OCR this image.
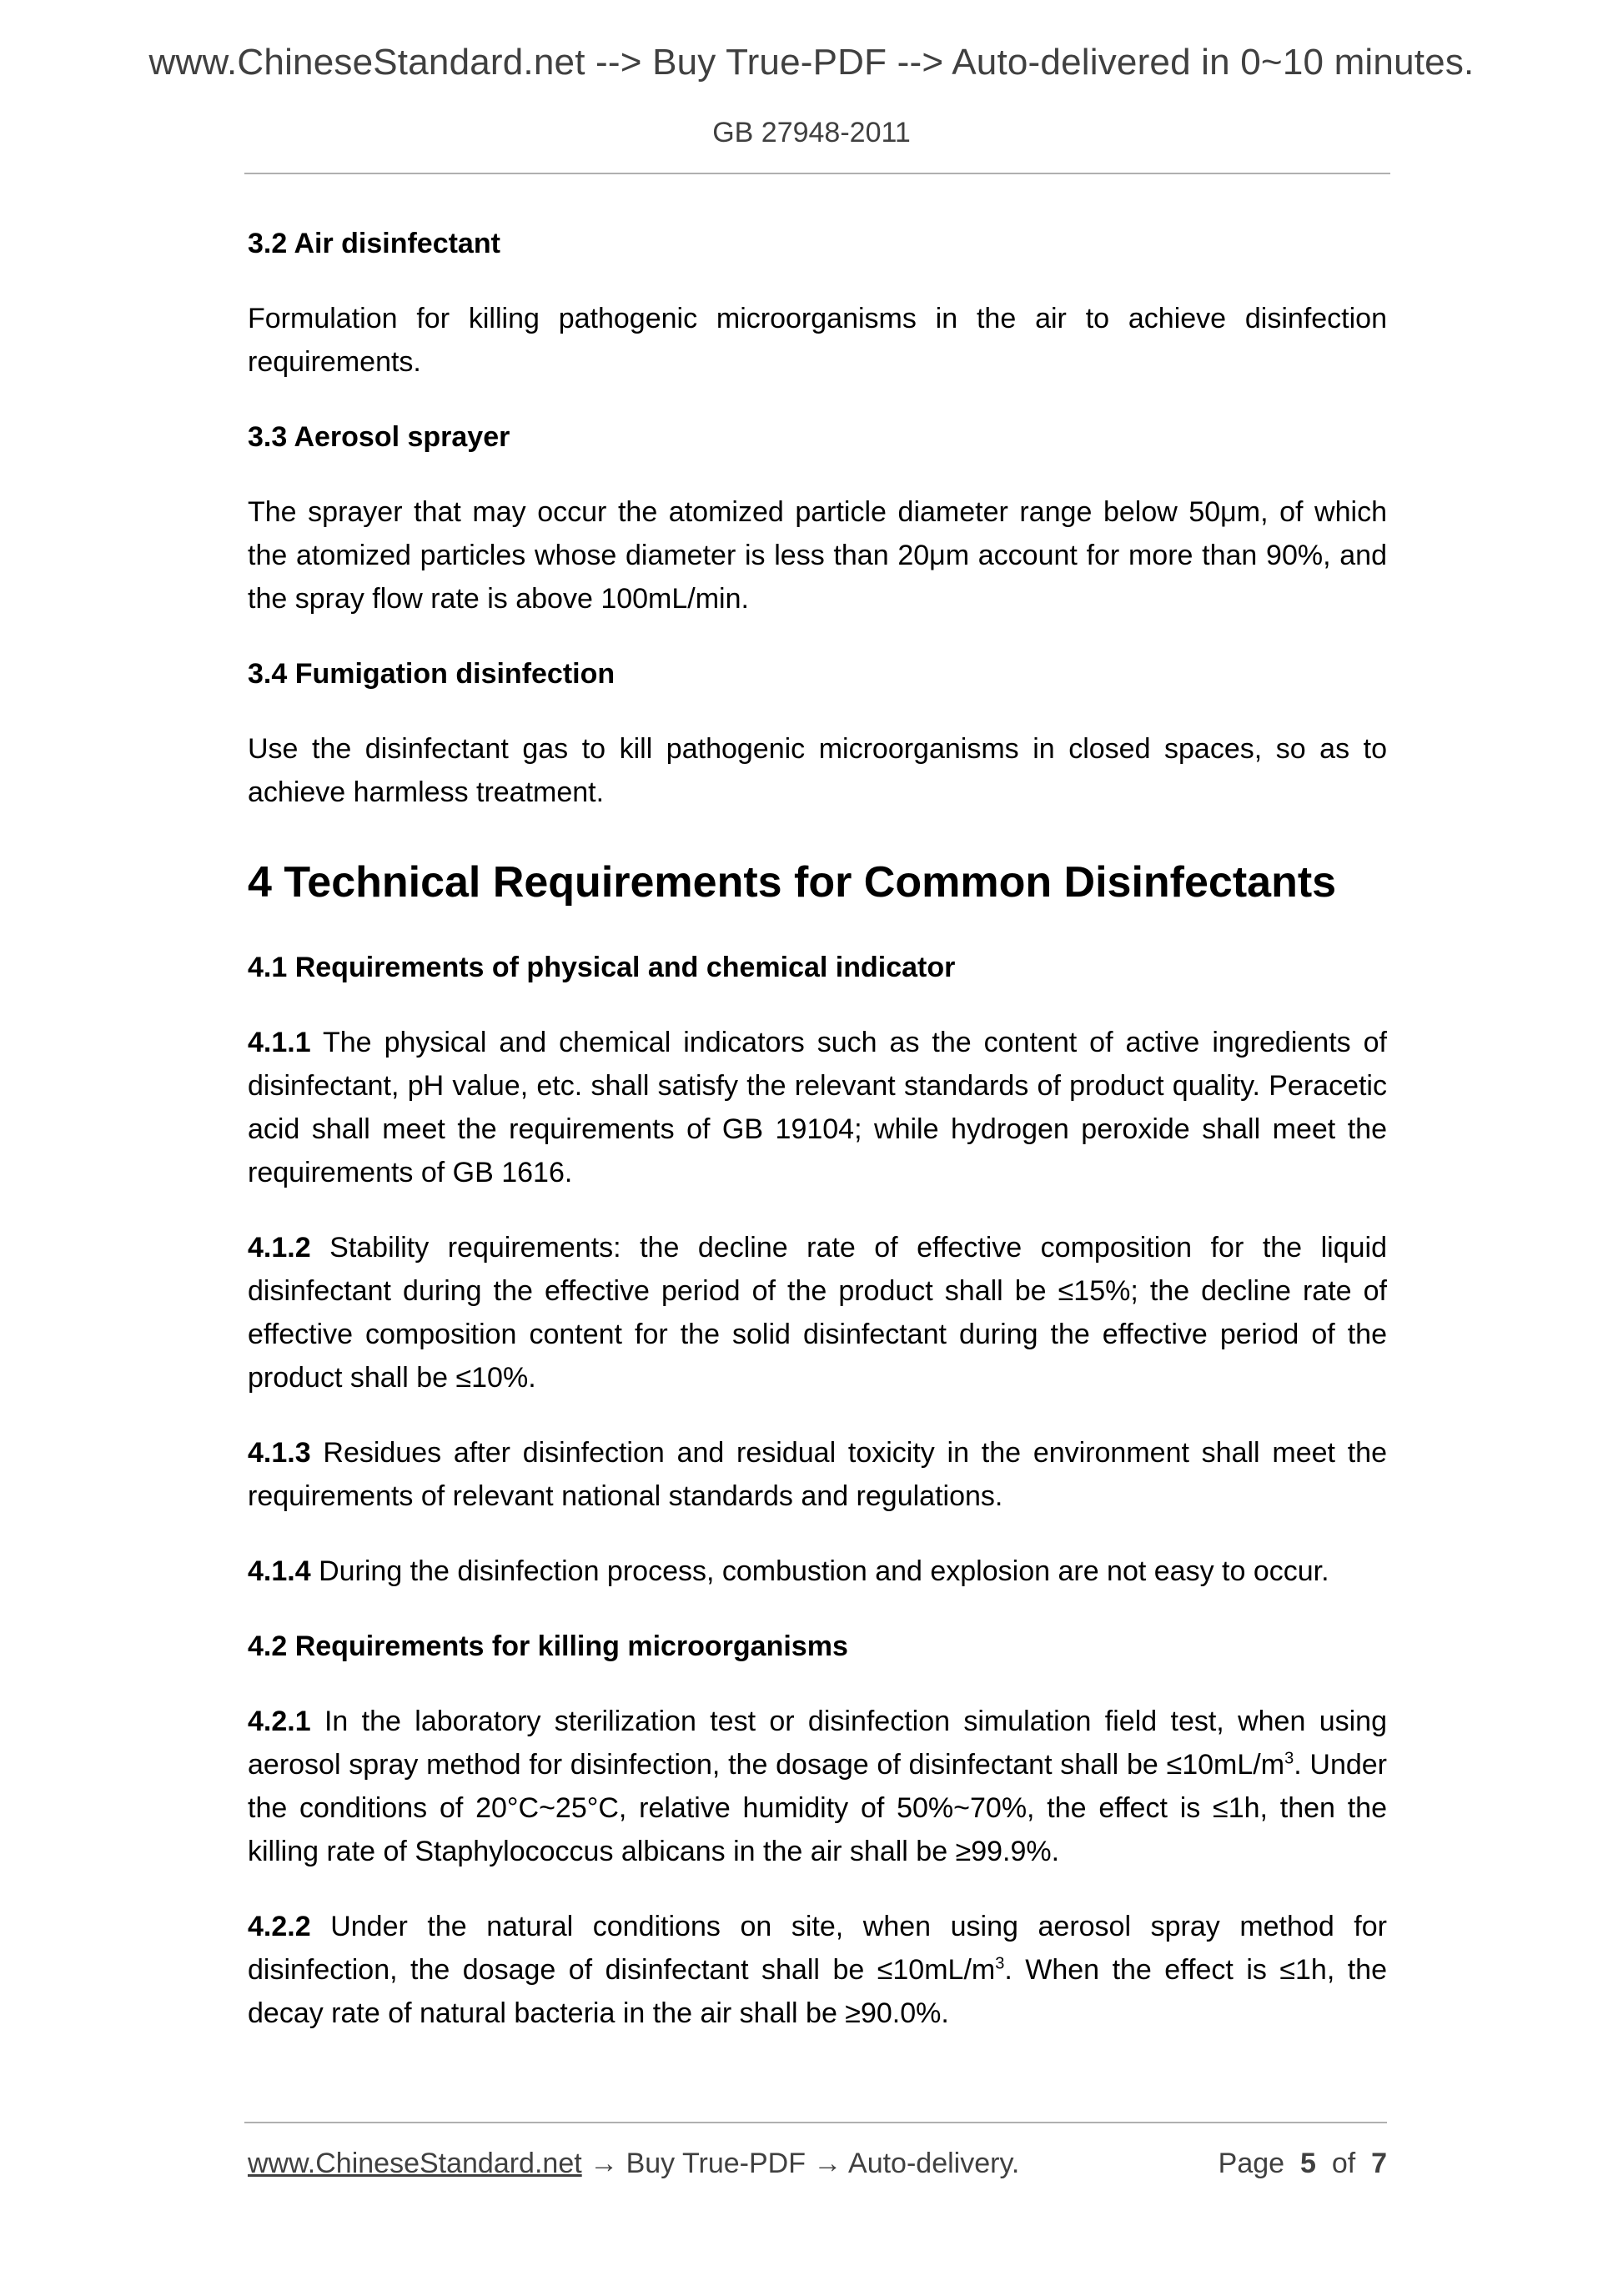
www.ChineseStandard.net --> Buy True-PDF --> Auto-delivered in 0~10 minutes.
GB 27948-2011
3.2 Air disinfectant
Formulation for killing pathogenic microorganisms in the air to achieve disinfection requirements.
3.3 Aerosol sprayer
The sprayer that may occur the atomized particle diameter range below 50μm, of which the atomized particles whose diameter is less than 20μm account for more than 90%, and the spray flow rate is above 100mL/min.
3.4 Fumigation disinfection
Use the disinfectant gas to kill pathogenic microorganisms in closed spaces, so as to achieve harmless treatment.
4 Technical Requirements for Common Disinfectants
4.1 Requirements of physical and chemical indicator
4.1.1 The physical and chemical indicators such as the content of active ingredients of disinfectant, pH value, etc. shall satisfy the relevant standards of product quality. Peracetic acid shall meet the requirements of GB 19104; while hydrogen peroxide shall meet the requirements of GB 1616.
4.1.2 Stability requirements: the decline rate of effective composition for the liquid disinfectant during the effective period of the product shall be ≤15%; the decline rate of effective composition content for the solid disinfectant during the effective period of the product shall be ≤10%.
4.1.3 Residues after disinfection and residual toxicity in the environment shall meet the requirements of relevant national standards and regulations.
4.1.4 During the disinfection process, combustion and explosion are not easy to occur.
4.2 Requirements for killing microorganisms
4.2.1 In the laboratory sterilization test or disinfection simulation field test, when using aerosol spray method for disinfection, the dosage of disinfectant shall be $\le 10mL/m^3$. Under the conditions of 20°C~25°C, relative humidity of 50%~70%, the effect is ≤1h, then the killing rate of Staphylococcus albicans in the air shall be ≥99.9%.
4.2.2 Under the natural conditions on site, when using aerosol spray method for disinfection, the dosage of disinfectant shall be $\le 10mL/m^3$. When the effect is ≤1h, the decay rate of natural bacteria in the air shall be ≥90.0%.
www.ChineseStandard.net → Buy True-PDF → Auto-delivery.	Page 5 of 7
